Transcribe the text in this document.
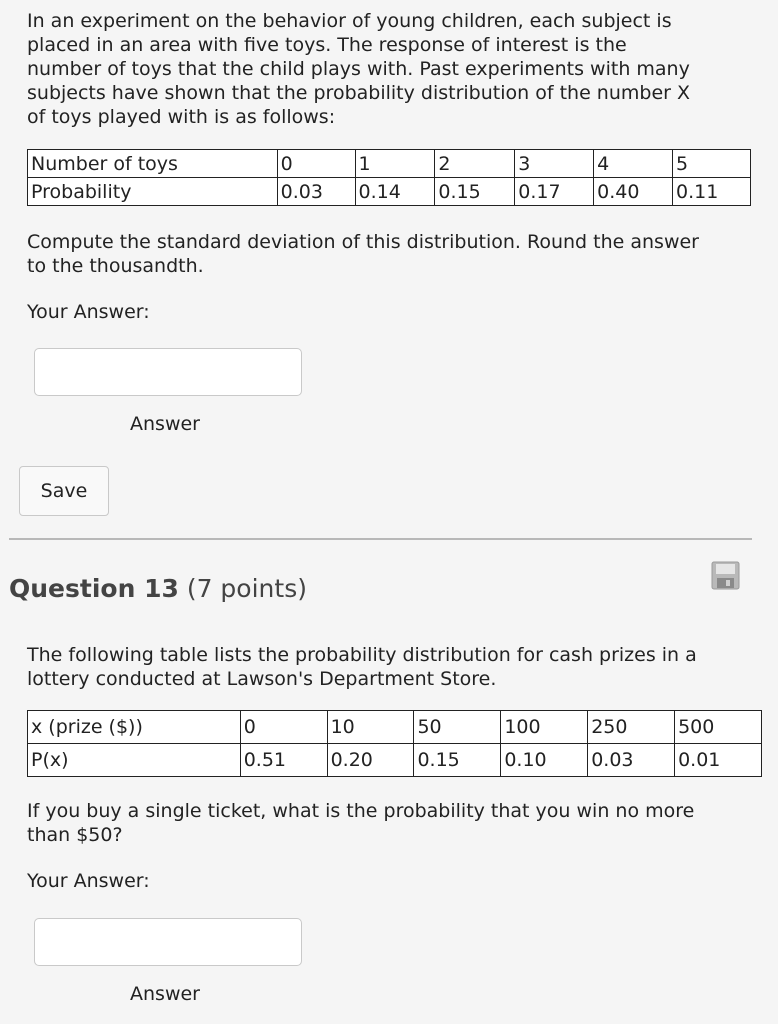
In an experiment on the behavior of young children, each subject is
placed in an area with five toys. The response of interest is the
number of toys that the child plays with. Past experiments with many
subjects have shown that the probability distribution of the number X
of toys played with is as follows:
Number of toys	0	1	2	3	4	5
Probability	0.03	0.14	0.15	0.17	0.40	0.11
Compute the standard deviation of this distribution. Round the answer
to the thousandth.
Your Answer:
Answer
Save
Question 13 (7 points)
The following table lists the probability distribution for cash prizes in a
lottery conducted at Lawson's Department Store.
x (prize ($))	0	10	50	100	250	500
P(x)	0.51	0.20	0.15	0.10	0.03	0.01
If you buy a single ticket, what is the probability that you win no more
than $50?
Your Answer:
Answer
